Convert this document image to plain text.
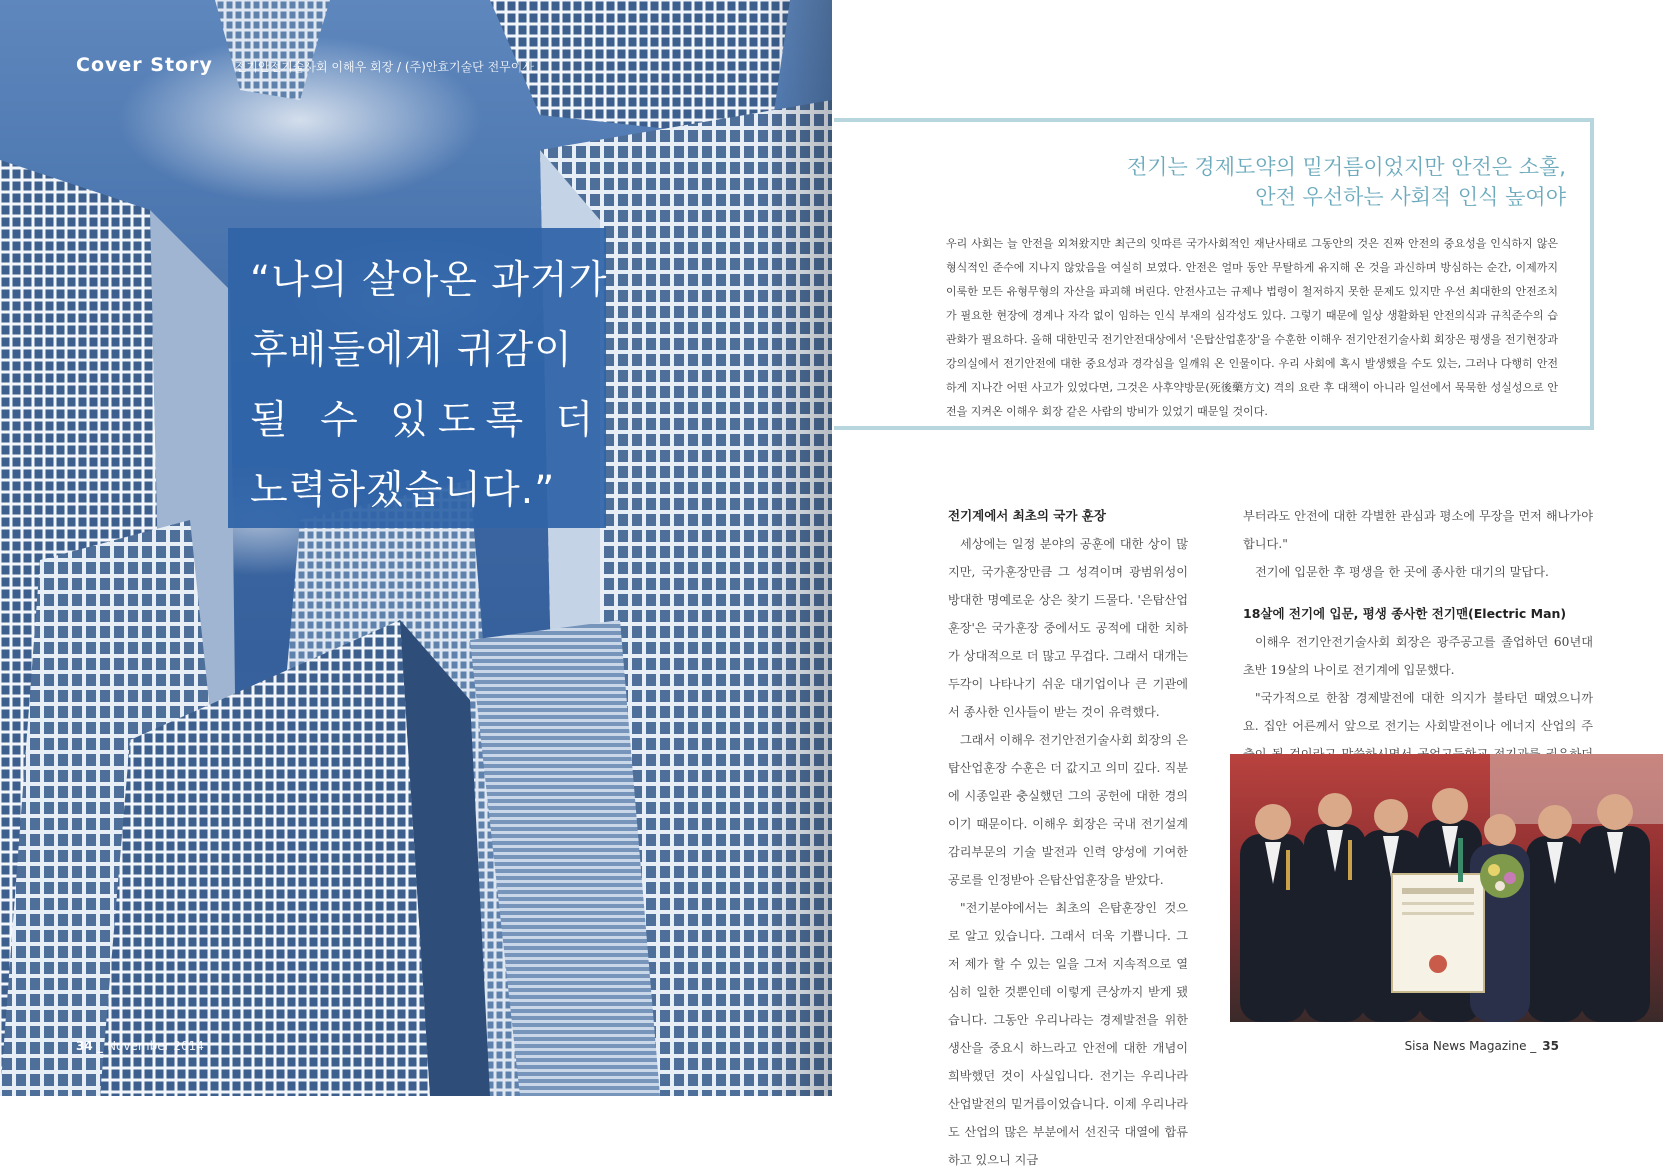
Cover Story 전기안전기술사회 이해우 회장 / (주)안효기술단 전무이사
“나의 살아온 과거가
후배들에게 귀감이
될 수 있도록 더
노력하겠습니다.”
34 _ November 2014
전기는 경제도약의 밑거름이었지만 안전은 소홀,
안전 우선하는 사회적 인식 높여야
우리 사회는 늘 안전을 외쳐왔지만 최근의 잇따른 국가사회적인 재난사태로 그동안의 것은 진짜 안전의 중요성을 인식하지 않은 형식적인 준수에 지나지 않았음을 여실히 보였다. 안전은 얼마 동안 무탈하게 유지해 온 것을 과신하며 방심하는 순간, 이제까지 이룩한 모든 유형무형의 자산을 파괴해 버린다. 안전사고는 규제나 법령이 철저하지 못한 문제도 있지만 우선 최대한의 안전조치가 필요한 현장에 경계나 자각 없이 임하는 인식 부재의 심각성도 있다. 그렇기 때문에 일상 생활화된 안전의식과 규칙준수의 습관화가 필요하다. 올해 대한민국 전기안전대상에서 '은탑산업훈장'을 수훈한 이해우 전기안전기술사회 회장은 평생을 전기현장과 강의실에서 전기안전에 대한 중요성과 경각심을 일깨워 온 인물이다. 우리 사회에 혹시 발생했을 수도 있는, 그러나 다행히 안전하게 지나간 어떤 사고가 있었다면, 그것은 사후약방문(死後藥方文) 격의 요란 후 대책이 아니라 일선에서 묵묵한 성실성으로 안전을 지켜온 이해우 회장 같은 사람의 방비가 있었기 때문일 것이다.

전기계에서 최초의 국가 훈장

세상에는 일정 분야의 공훈에 대한 상이 많지만, 국가훈장만큼 그 성격이며 광범위성이 방대한 명예로운 상은 찾기 드물다. '은탑산업훈장'은 국가훈장 중에서도 공적에 대한 치하가 상대적으로 더 많고 무겁다. 그래서 대개는 두각이 나타나기 쉬운 대기업이나 큰 기관에서 종사한 인사들이 받는 것이 유력했다.

그래서 이해우 전기안전기술사회 회장의 은탑산업훈장 수훈은 더 값지고 의미 깊다. 직분에 시종일관 충실했던 그의 공헌에 대한 경의이기 때문이다. 이해우 회장은 국내 전기설계 감리부문의 기술 발전과 인력 양성에 기여한 공로를 인정받아 은탑산업훈장을 받았다.

"전기분야에서는 최초의 은탑훈장인 것으로 알고 있습니다. 그래서 더욱 기쁩니다. 그저 제가 할 수 있는 일을 그저 지속적으로 열심히 일한 것뿐인데 이렇게 큰상까지 받게 됐습니다. 그동안 우리나라는 경제발전을 위한 생산을 중요시 하느라고 안전에 대한 개념이 희박했던 것이 사실입니다. 전기는 우리나라 산업발전의 밑거름이었습니다. 이제 우리나라도 산업의 많은 부분에서 선진국 대열에 합류하고 있으니 지금

부터라도 안전에 대한 각별한 관심과 평소에 무장을 먼저 해나가야 합니다."

전기에 입문한 후 평생을 한 곳에 종사한 대기의 말답다.

18살에 전기에 입문, 평생 종사한 전기맨(Electric Man)

이해우 전기안전기술사회 회장은 광주공고를 졸업하던 60년대 초반 19살의 나이로 전기계에 입문했다.

"국가적으로 한참 경제발전에 대한 의지가 불타던 때였으니까요. 집안 어른께서 앞으로 전기는 사회발전이나 에너지 산업의 주

Sisa News Magazine _ 35
